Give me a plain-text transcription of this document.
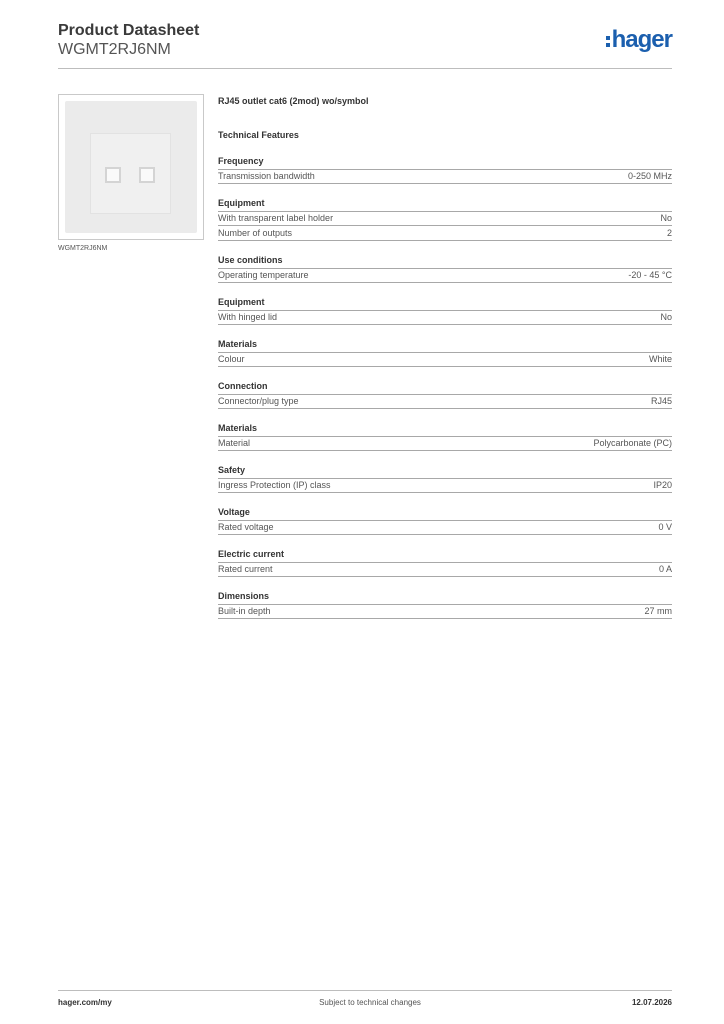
Product Datasheet
WGMT2RJ6NM	hager
WGMT2RJ6NM
RJ45 outlet cat6 (2mod) wo/symbol
Technical Features
Frequency
Transmission bandwidth	0-250 MHz
Equipment
With transparent label holder	No
Number of outputs	2
Use conditions
Operating temperature	-20 - 45 °C
Equipment
With hinged lid	No
Materials
Colour	White
Connection
Connector/plug type	RJ45
Materials
Material	Polycarbonate (PC)
Safety
Ingress Protection (IP) class	IP20
Voltage
Rated voltage	0 V
Electric current
Rated current	0 A
Dimensions
Built-in depth	27 mm
hager.com/my	Subject to technical changes	12.07.2026
